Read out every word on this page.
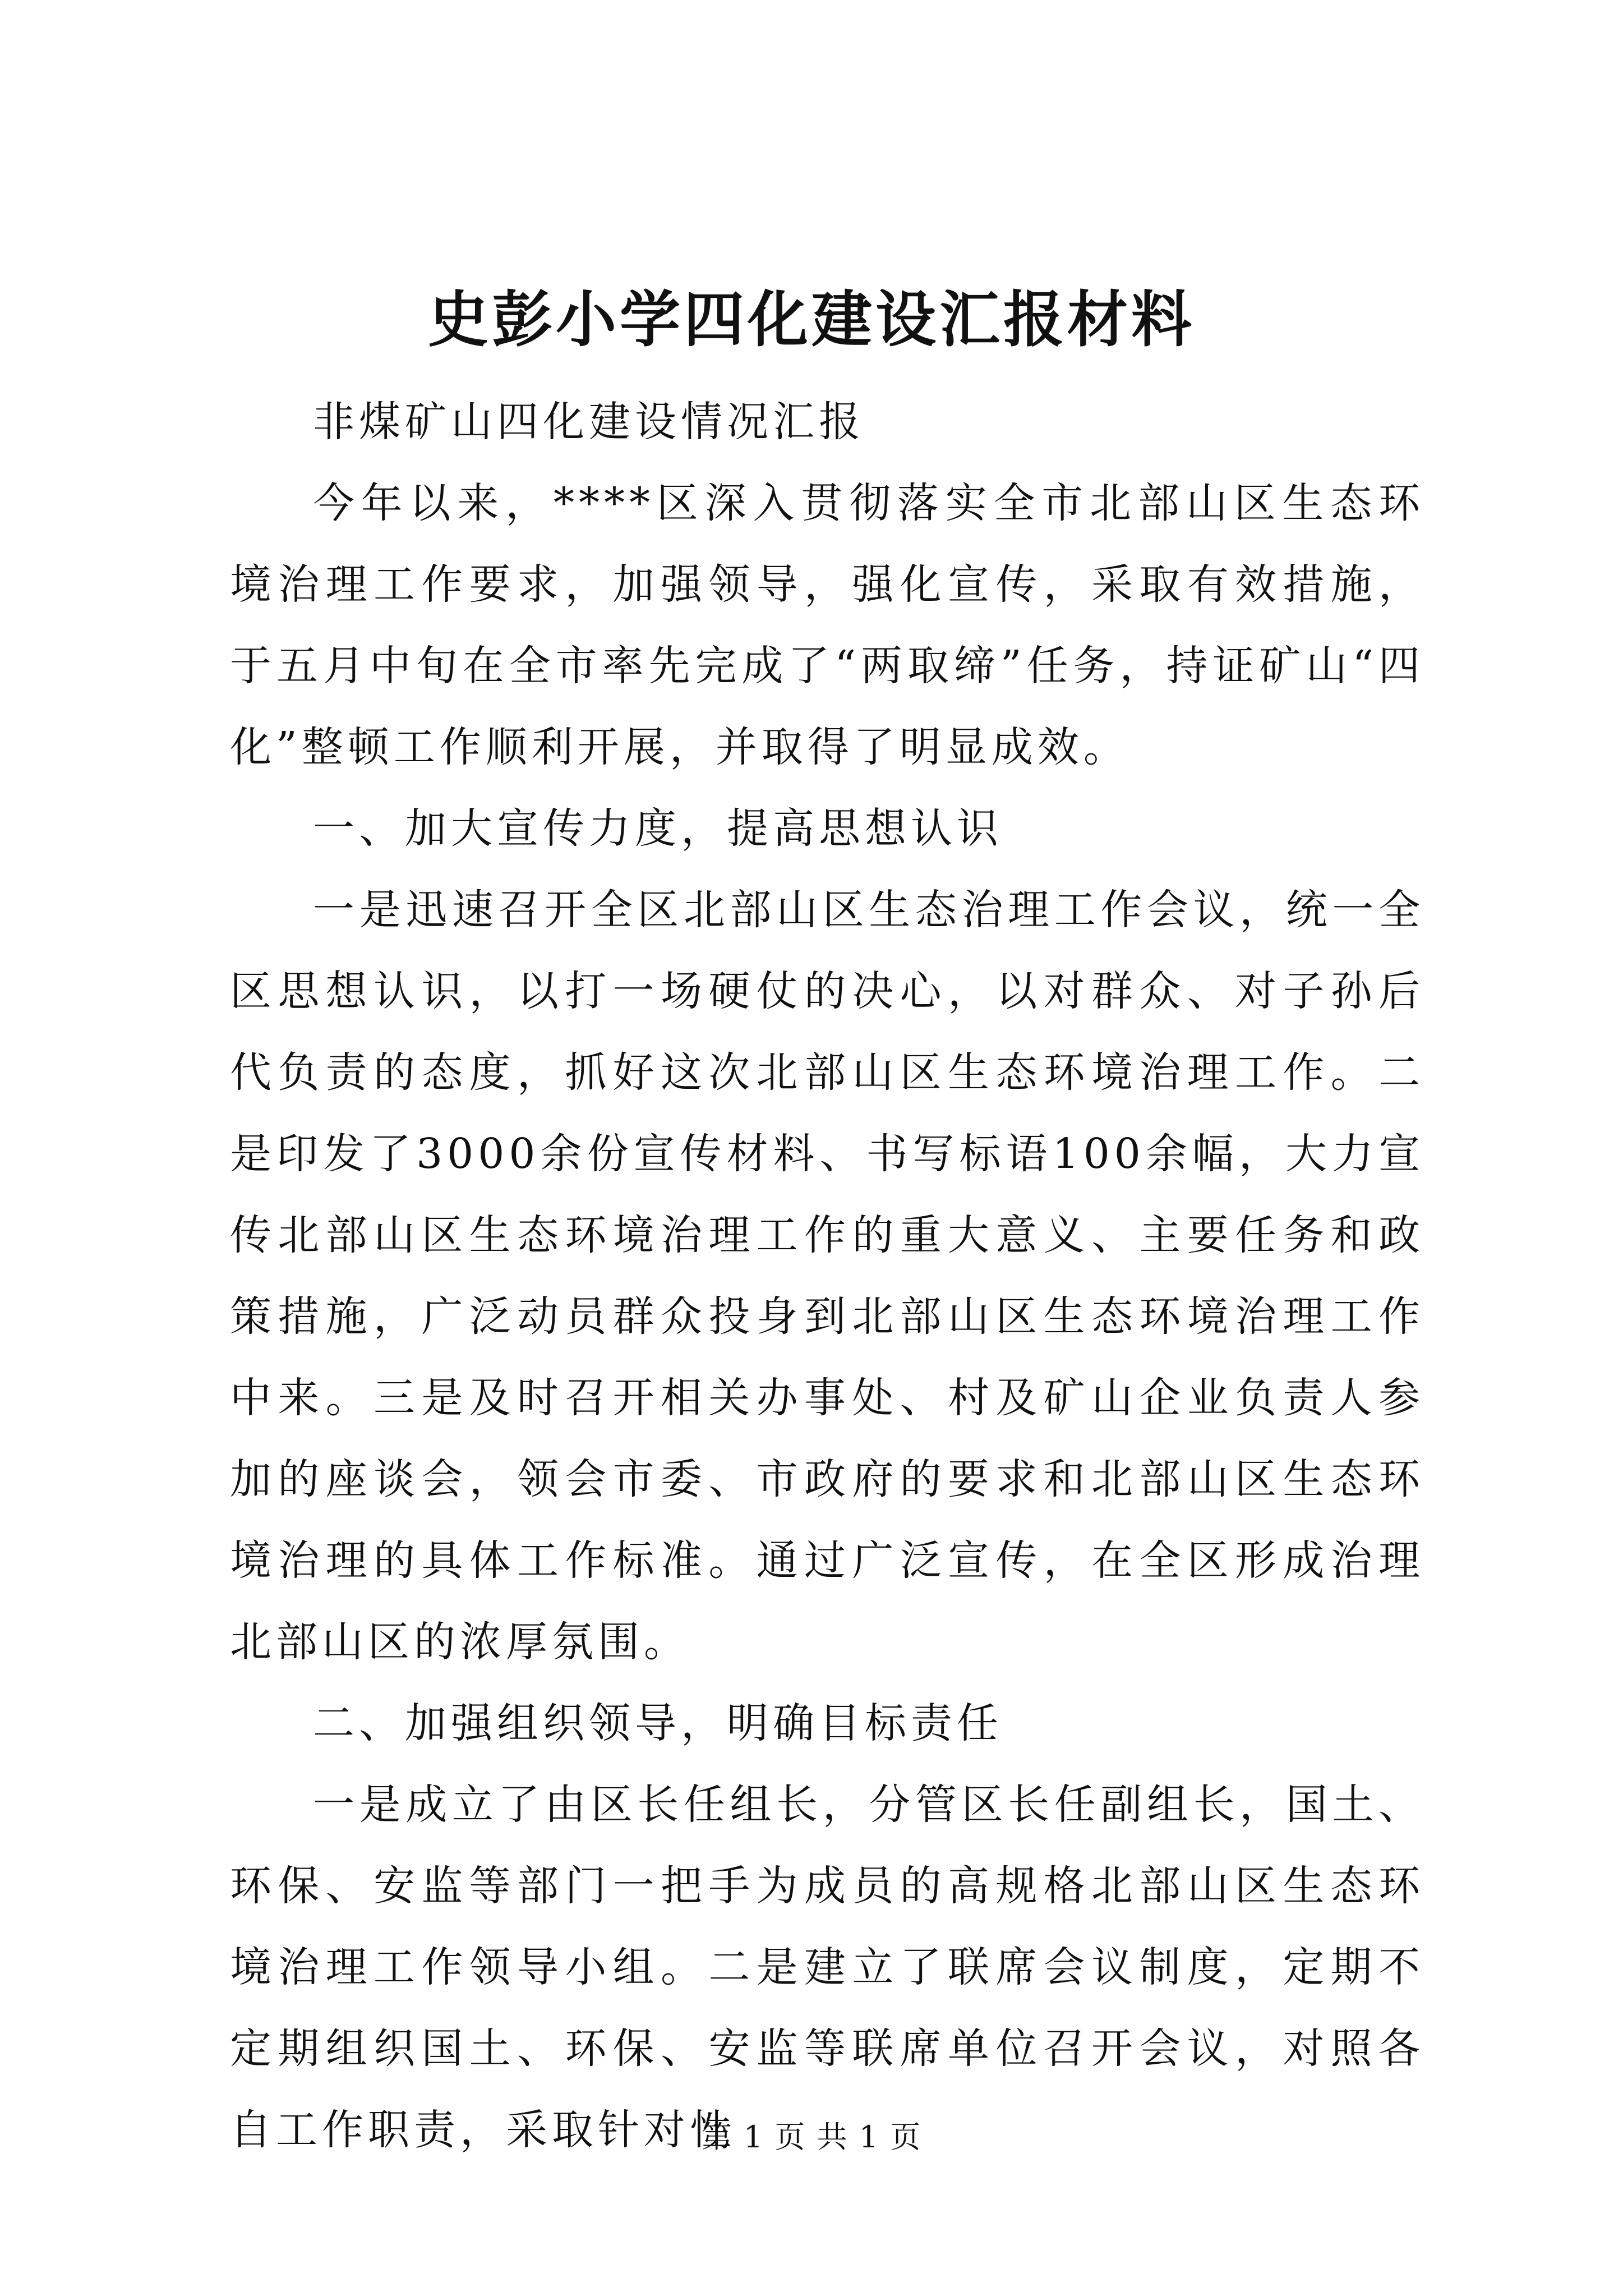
史彭小学四化建设汇报材料

非煤矿山四化建设情况汇报

今年以来，****区深入贯彻落实全市北部山区生态环境治理工作要求，加强领导，强化宣传，采取有效措施，于五月中旬在全市率先完成了“两取缔”任务，持证矿山“四化”整顿工作顺利开展，并取得了明显成效。

一、加大宣传力度，提高思想认识

一是迅速召开全区北部山区生态治理工作会议，统一全区思想认识，以打一场硬仗的决心，以对群众、对子孙后代负责的态度，抓好这次北部山区生态环境治理工作。二是印发了3000余份宣传材料、书写标语100余幅，大力宣传北部山区生态环境治理工作的重大意义、主要任务和政策措施，广泛动员群众投身到北部山区生态环境治理工作中来。三是及时召开相关办事处、村及矿山企业负责人参加的座谈会，领会市委、市政府的要求和北部山区生态环境治理的具体工作标准。通过广泛宣传，在全区形成治理北部山区的浓厚氛围。

二、加强组织领导，明确目标责任

一是成立了由区长任组长，分管区长任副组长，国土、环保、安监等部门一把手为成员的高规格北部山区生态环境治理工作领导小组。二是建立了联席会议制度，定期不定期组织国土、环保、安监等联席单位召开会议，对照各自工作职责，采取针对性

第 1 页 共 1 页
